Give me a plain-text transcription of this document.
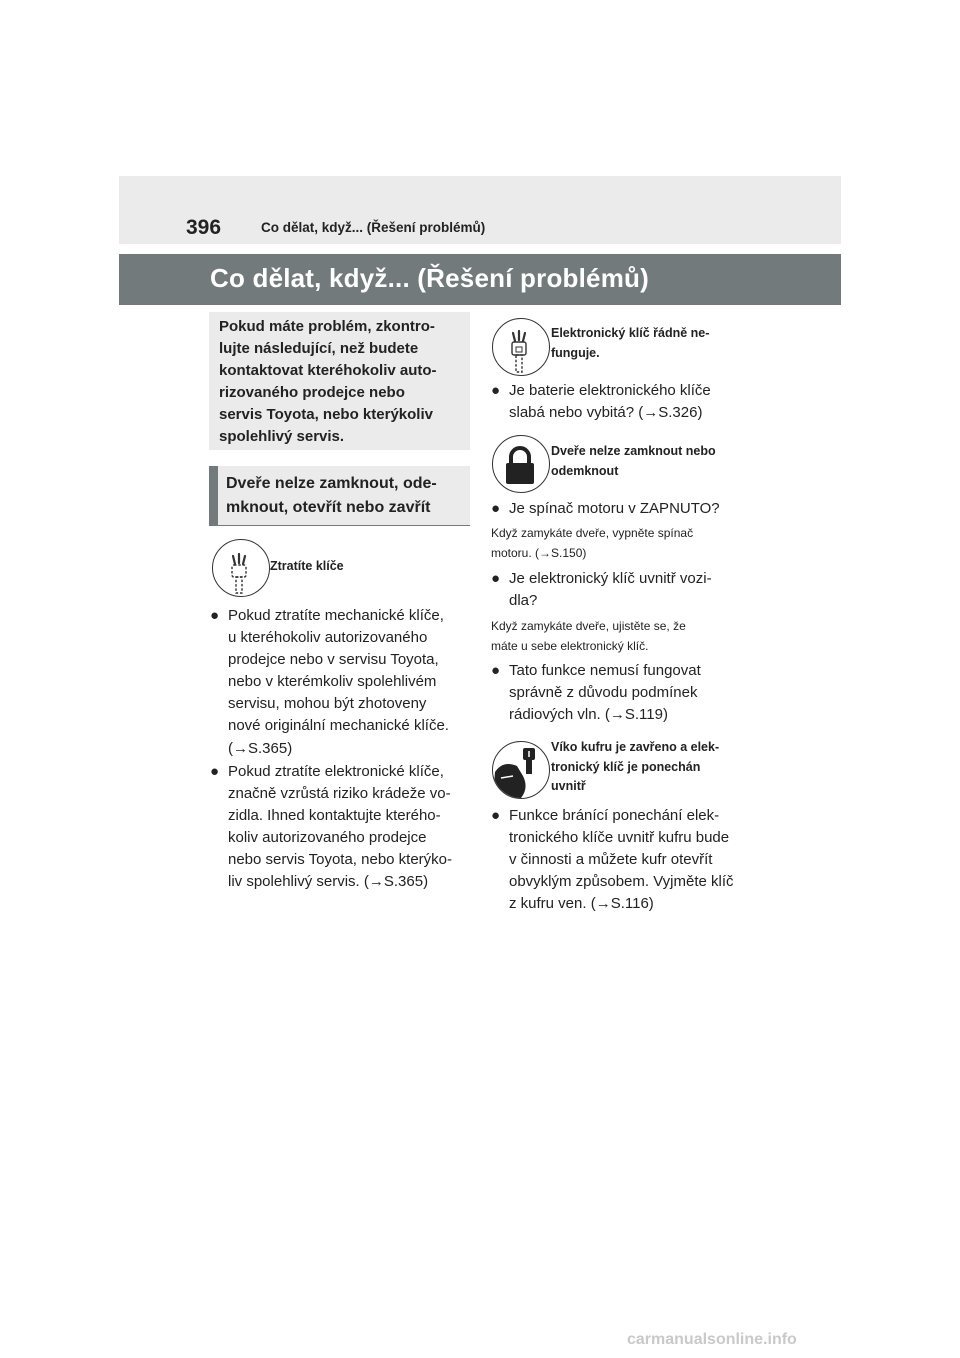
396	Co dělat, když... (Řešení problémů)
Co dělat, když... (Řešení problémů)
Pokud máte problém, zkontro-
lujte následující, než budete
kontaktovat kteréhokoliv auto-
rizovaného prodejce nebo
servis Toyota, nebo kterýkoliv
spolehlivý servis.
Dveře nelze zamknout, ode-
mknout, otevřít nebo zavřít
Ztratíte klíče
● Pokud ztratíte mechanické klíče,
u kteréhokoliv autorizovaného
prodejce nebo v servisu Toyota,
nebo v kterémkoliv spolehlivém
servisu, mohou být zhotoveny
nové originální mechanické klíče.
(→S.365)
● Pokud ztratíte elektronické klíče,
značně vzrůstá riziko krádeže vo-
zidla. Ihned kontaktujte kterého-
koliv autorizovaného prodejce
nebo servis Toyota, nebo kterýko-
liv spolehlivý servis. (→S.365)
Elektronický klíč řádně ne-
funguje.
● Je baterie elektronického klíče
slabá nebo vybitá? (→S.326)
Dveře nelze zamknout nebo
odemknout
● Je spínač motoru v ZAPNUTO?
Když zamykáte dveře, vypněte spínač
motoru. (→S.150)
● Je elektronický klíč uvnitř vozi-
dla?
Když zamykáte dveře, ujistěte se, že
máte u sebe elektronický klíč.
● Tato funkce nemusí fungovat
správně z důvodu podmínek
rádiových vln. (→S.119)
Víko kufru je zavřeno a elek-
tronický klíč je ponechán
uvnitř
● Funkce bránící ponechání elek-
tronického klíče uvnitř kufru bude
v činnosti a můžete kufr otevřít
obvyklým způsobem. Vyjměte klíč
z kufru ven. (→S.116)
carmanualsonline.info
